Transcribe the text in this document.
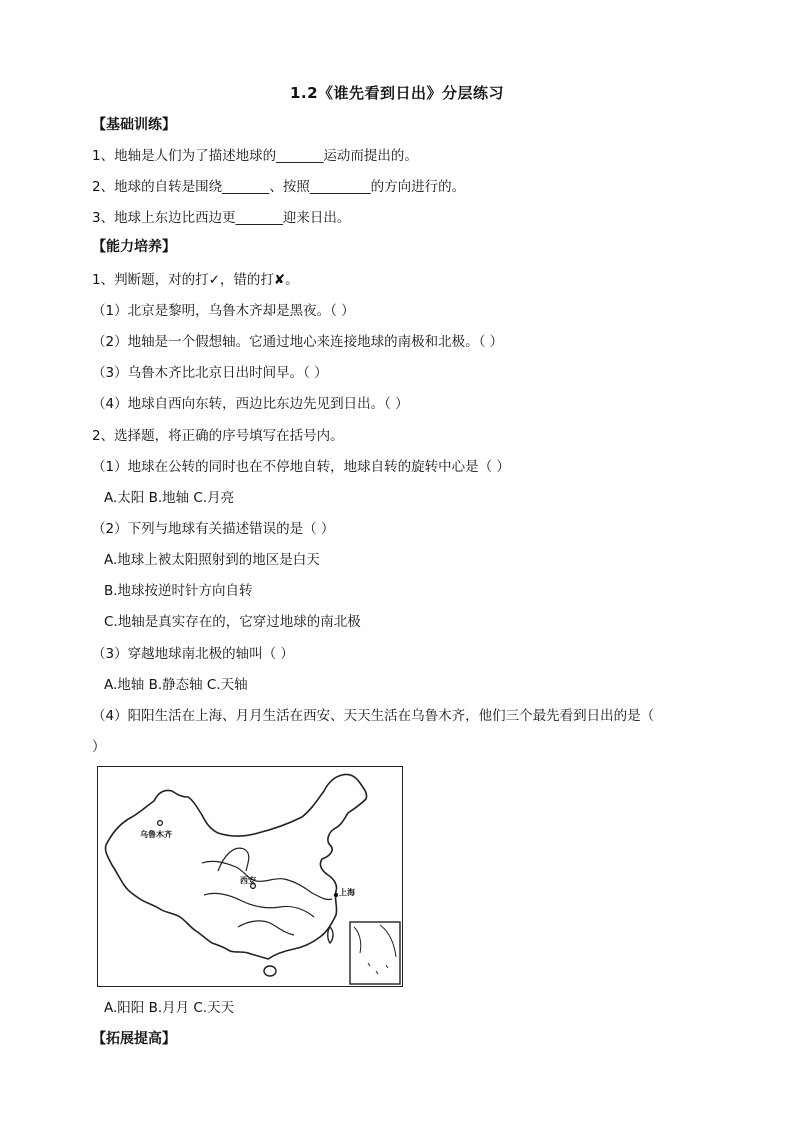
1.2《谁先看到日出》分层练习
【基础训练】
1、地轴是人们为了描述地球的_______运动而提出的。
2、地球的自转是围绕_______、按照_________的方向进行的。
3、地球上东边比西边更_______迎来日出。
【能力培养】
1、判断题，对的打✓，错的打✘。
（1）北京是黎明，乌鲁木齐却是黑夜。（ ）
（2）地轴是一个假想轴。它通过地心来连接地球的南极和北极。（ ）
（3）乌鲁木齐比北京日出时间早。（ ）
（4）地球自西向东转，西边比东边先见到日出。（ ）
2、选择题，将正确的序号填写在括号内。
（1）地球在公转的同时也在不停地自转，地球自转的旋转中心是（ ）
A.太阳 B.地轴 C.月亮
（2）下列与地球有关描述错误的是（ ）
A.地球上被太阳照射到的地区是白天
B.地球按逆时针方向自转
C.地轴是真实存在的，它穿过地球的南北极
（3）穿越地球南北极的轴叫（ ）
A.地轴 B.静态轴 C.天轴
（4）阳阳生活在上海、月月生活在西安、天天生活在乌鲁木齐，他们三个最先看到日出的是（
）
乌鲁木齐
西安
上海
A.阳阳 B.月月 C.天天
【拓展提高】
